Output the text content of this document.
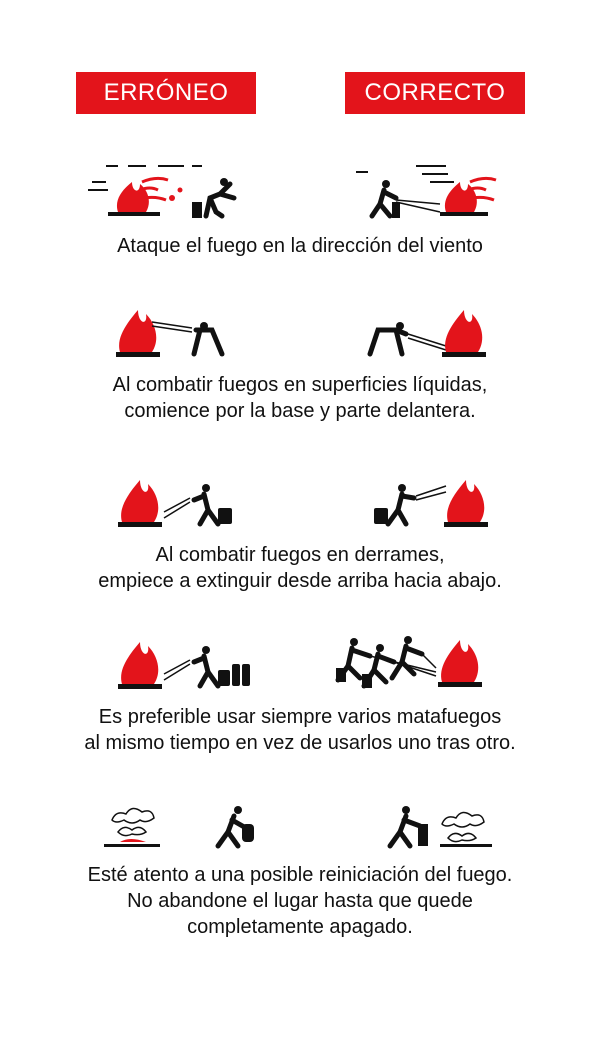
ERRÓNEO	CORRECTO
Ataque el fuego en la dirección del viento
Al combatir fuegos en superficies líquidas,
comience por la base y parte delantera.
Al combatir fuegos en derrames,
empiece a extinguir desde arriba hacia abajo.
Es preferible usar siempre varios matafuegos
al mismo tiempo en vez de usarlos uno tras otro.
Esté atento a una posible reiniciación del fuego.
No abandone el lugar hasta que quede
completamente apagado.
